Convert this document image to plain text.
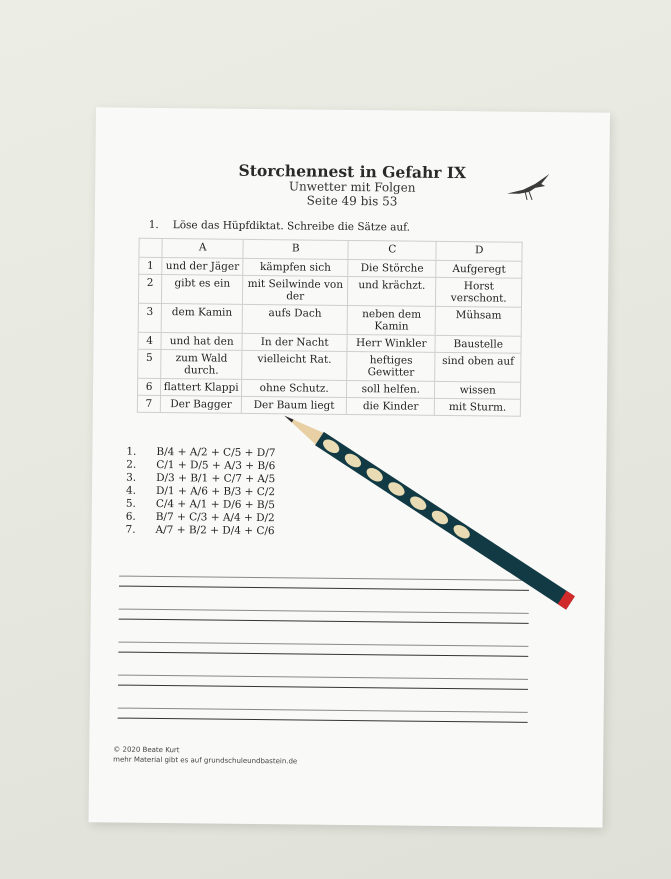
Storchennest in Gefahr IX
Unwetter mit Folgen
Seite 49 bis 53
1. Löse das Hüpfdiktat. Schreibe die Sätze auf.
	A	B	C	D
1	und der Jäger	kämpfen sich	Die Störche	Aufgeregt
2	gibt es ein	mit Seilwinde von der	und krächzt.	Horst verschont.
3	dem Kamin	aufs Dach	neben dem Kamin	Mühsam
4	und hat den	In der Nacht	Herr Winkler	Baustelle
5	zum Wald durch.	vielleicht Rat.	heftiges Gewitter	sind oben auf
6	flattert Klappi	ohne Schutz.	soll helfen.	wissen
7	Der Bagger	Der Baum liegt	die Kinder	mit Sturm.
1. B/4 + A/2 + C/5 + D/7
2. C/1 + D/5 + A/3 + B/6
3. D/3 + B/1 + C/7 + A/5
4. D/1 + A/6 + B/3 + C/2
5. C/4 + A/1 + D/6 + B/5
6. B/7 + C/3 + A/4 + D/2
7. A/7 + B/2 + D/4 + C/6
© 2020 Beate Kurt
mehr Material gibt es auf grundschuleundbastein.de
